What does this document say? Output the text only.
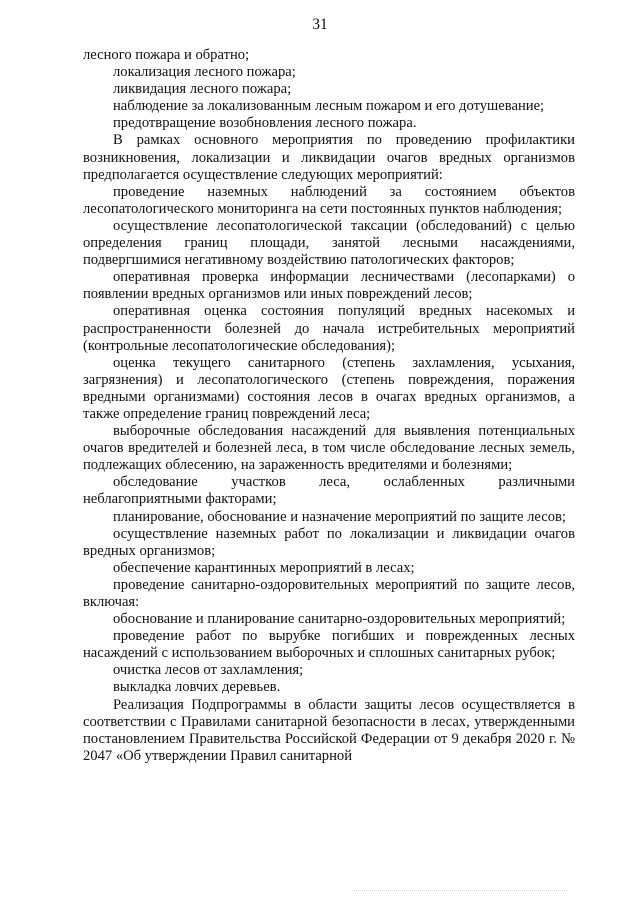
31

лесного пожара и обратно;

локализация лесного пожара;

ликвидация лесного пожара;

наблюдение за локализованным лесным пожаром и его дотушевание;

предотвращение возобновления лесного пожара.

В рамках основного мероприятия по проведению профилактики возникновения, локализации и ликвидации очагов вредных организмов предполагается осуществление следующих мероприятий:

проведение наземных наблюдений за состоянием объектов лесопатологического мониторинга на сети постоянных пунктов наблюдения;

осуществление лесопатологической таксации (обследований) с целью определения границ площади, занятой лесными насаждениями, подвергшимися негативному воздействию патологических факторов;

оперативная проверка информации лесничествами (лесопарками) о появлении вредных организмов или иных повреждений лесов;

оперативная оценка состояния популяций вредных насекомых и распространенности болезней до начала истребительных мероприятий (контрольные лесопатологические обследования);

оценка текущего санитарного (степень захламления, усыхания, загрязнения) и лесопатологического (степень повреждения, поражения вредными организмами) состояния лесов в очагах вредных организмов, а также определение границ повреждений леса;

выборочные обследования насаждений для выявления потенциальных очагов вредителей и болезней леса, в том числе обследование лесных земель, подлежащих облесению, на зараженность вредителями и болезнями;

обследование участков леса, ослабленных различными неблагоприятными факторами;

планирование, обоснование и назначение мероприятий по защите лесов;

осуществление наземных работ по локализации и ликвидации очагов вредных организмов;

обеспечение карантинных мероприятий в лесах;

проведение санитарно-оздоровительных мероприятий по защите лесов, включая:

обоснование и планирование санитарно-оздоровительных мероприятий;

проведение работ по вырубке погибших и поврежденных лесных насаждений с использованием выборочных и сплошных санитарных рубок;

очистка лесов от захламления;

выкладка ловчих деревьев.

Реализация Подпрограммы в области защиты лесов осуществляется в соответствии с Правилами санитарной безопасности в лесах, утвержденными постановлением Правительства Российской Федерации от 9 декабря 2020 г. № 2047 «Об утверждении Правил санитарной
